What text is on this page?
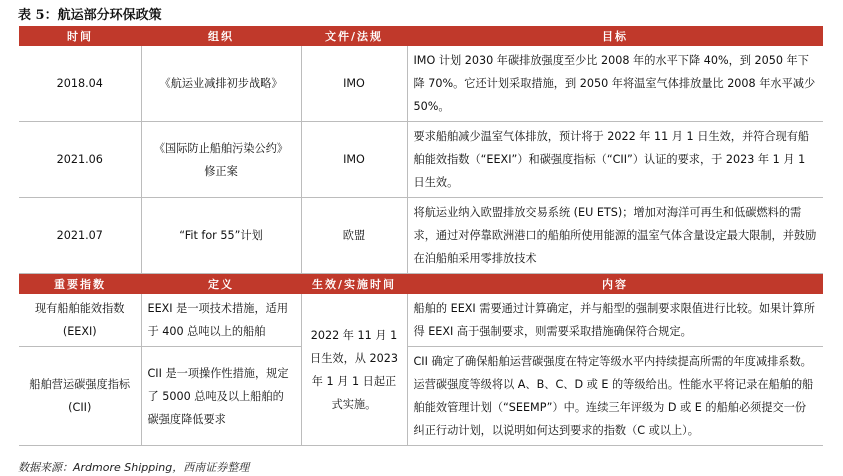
表 5：航运部分环保政策
时间	组织	文件/法规	目标
2018.04	《航运业减排初步战略》	IMO	IMO 计划 2030 年碳排放强度至少比 2008 年的水平下降 40%，到 2050 年下降 70%。它还计划采取措施，到 2050 年将温室气体排放量比 2008 年水平减少 50%。
2021.06	《国际防止船舶污染公约》修正案	IMO	要求船舶减少温室气体排放，预计将于 2022 年 11 月 1 日生效，并符合现有船舶能效指数（“EEXI”）和碳强度指标（“CII”）认证的要求，于 2023 年 1 月 1 日生效。
2021.07	“Fit for 55”计划	欧盟	将航运业纳入欧盟排放交易系统 (EU ETS)；增加对海洋可再生和低碳燃料的需求，通过对停靠欧洲港口的船舶所使用能源的温室气体含量设定最大限制，并鼓励在泊船舶采用零排放技术
重要指数	定义	生效/实施时间	内容
现有船舶能效指数(EEXI)	EEXI 是一项技术措施，适用于 400 总吨以上的船舶	2022 年 11 月 1 日生效，从 2023 年 1 月 1 日起正式实施。	船舶的 EEXI 需要通过计算确定，并与船型的强制要求限值进行比较。如果计算所得 EEXI 高于强制要求，则需要采取措施确保符合规定。
船舶营运碳强度指标(CII)	CII 是一项操作性措施，规定了 5000 总吨及以上船舶的碳强度降低要求		CII 确定了确保船舶运营碳强度在特定等级水平内持续提高所需的年度减排系数。运营碳强度等级将以 A、B、C、D 或 E 的等级给出。性能水平将记录在船舶的船舶能效管理计划（“SEEMP”）中。连续三年评级为 D 或 E 的船舶必须提交一份纠正行动计划，以说明如何达到要求的指数（C 或以上）。
数据来源：Ardmore Shipping，西南证券整理
